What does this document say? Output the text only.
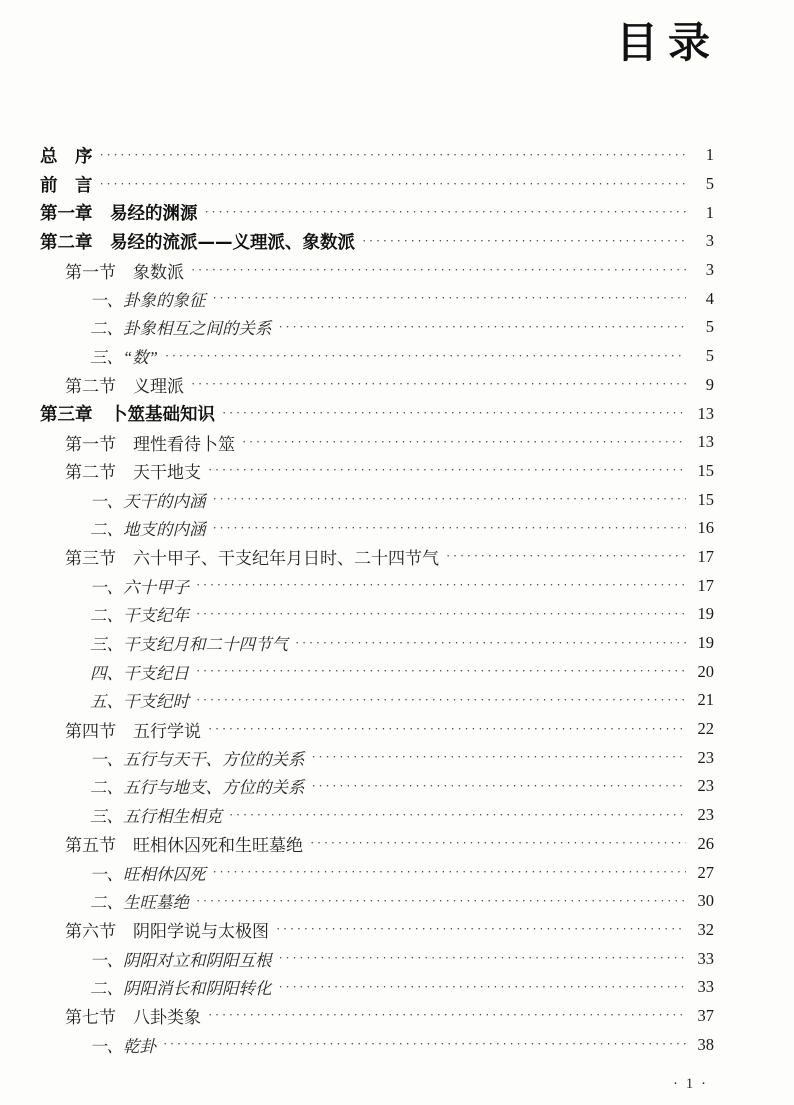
目录
总　序 ·····	1
前　言 ·····	5
第一章　易经的渊源 ·····	1
第二章　易经的流派——义理派、象数派 ·····	3
第一节　象数派 ·····	3
一、卦象的象征 ·····	4
二、卦象相互之间的关系 ·····	5
三、“数” ·····	5
第二节　义理派 ·····	9
第三章　卜筮基础知识 ·····	13
第一节　理性看待卜筮 ·····	13
第二节　天干地支 ·····	15
一、天干的内涵 ·····	15
二、地支的内涵 ·····	16
第三节　六十甲子、干支纪年月日时、二十四节气 ·····	17
一、六十甲子 ·····	17
二、干支纪年 ·····	19
三、干支纪月和二十四节气 ·····	19
四、干支纪日 ·····	20
五、干支纪时 ·····	21
第四节　五行学说 ·····	22
一、五行与天干、方位的关系 ·····	23
二、五行与地支、方位的关系 ·····	23
三、五行相生相克 ·····	23
第五节　旺相休囚死和生旺墓绝 ·····	26
一、旺相休囚死 ·····	27
二、生旺墓绝 ·····	30
第六节　阴阳学说与太极图 ·····	32
一、阴阳对立和阴阳互根 ·····	33
二、阴阳消长和阴阳转化 ·····	33
第七节　八卦类象 ·····	37
一、乾卦 ·····	38
· 1 ·
